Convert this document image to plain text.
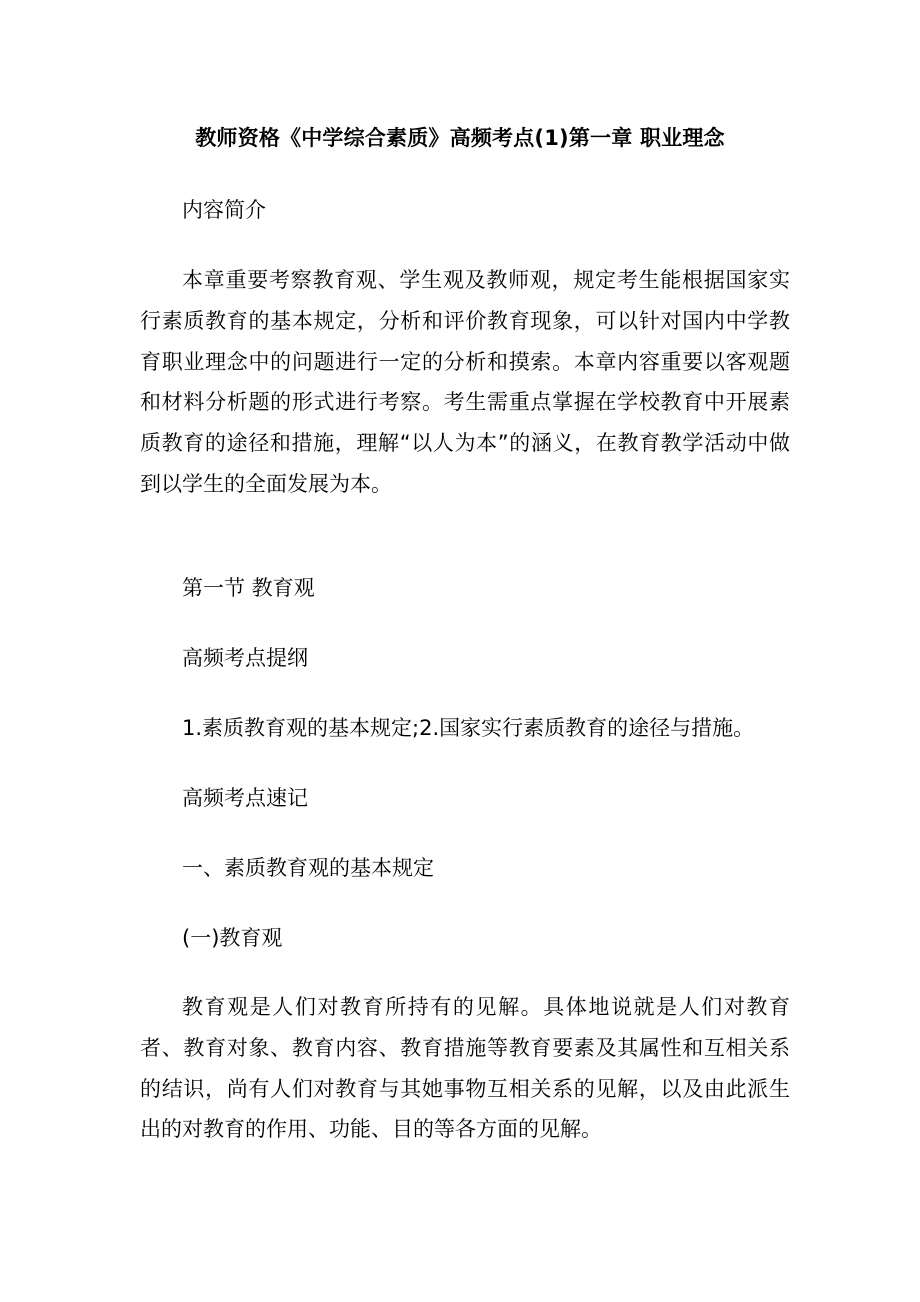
教师资格《中学综合素质》高频考点(1)第一章 职业理念
内容简介
本章重要考察教育观、学生观及教师观，规定考生能根据国家实行素质教育的基本规定，分析和评价教育现象，可以针对国内中学教育职业理念中的问题进行一定的分析和摸索。本章内容重要以客观题和材料分析题的形式进行考察。考生需重点掌握在学校教育中开展素质教育的途径和措施，理解“以人为本”的涵义，在教育教学活动中做到以学生的全面发展为本。
第一节 教育观
高频考点提纲
1.素质教育观的基本规定;2.国家实行素质教育的途径与措施。
高频考点速记
一、素质教育观的基本规定
(一)教育观
教育观是人们对教育所持有的见解。具体地说就是人们对教育者、教育对象、教育内容、教育措施等教育要素及其属性和互相关系的结识，尚有人们对教育与其她事物互相关系的见解，以及由此派生出的对教育的作用、功能、目的等各方面的见解。
